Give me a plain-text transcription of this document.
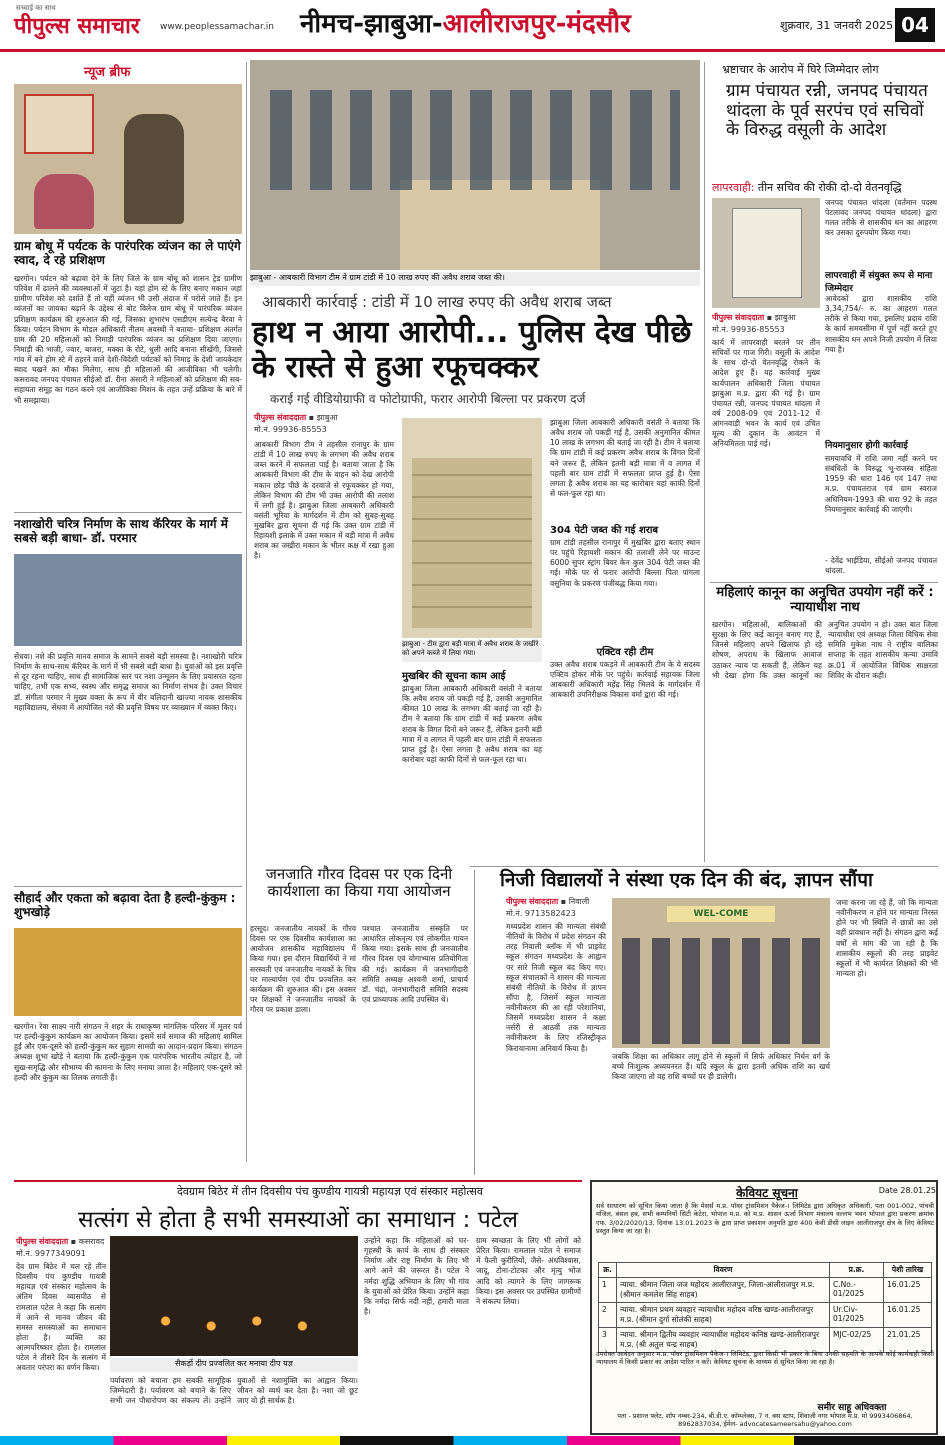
सच्चाई का साथ
पीपुल्स समाचार www.peoplessamachar.in नीमच-झाबुआ-आलीराजपुर-मंदसौर	शुक्रवार, 31 जनवरी 2025 04
न्यूज ब्रीफ
ग्राम बोधू में पर्यटक के पारंपरिक व्यंजन का ले पाएंगे स्वाद, दे रहे प्रशिक्षण
खरगोन। पर्यटन को बढ़ावा देने के लिए जिले के ग्राम बोधू को शासन ट्रेड ग्रामीण परिवेश में ढालने की व्यवस्थाओं में जुटा है। यहां होम स्टे के लिए बनाए मकान जहां ग्रामीण परिवेश को दर्शाते हैं तो यहीं व्यंजन भी उसी अंदाज में परोसे जाते हैं। इन व्यंजनों का जायका बढ़ाने के उद्देश्य से बोट विलेज ग्राम बोधू में पारंपरिक व्यंजन प्रशिक्षण कार्यक्रम की शुरुआत की गई, जिसका शुभारंभ एसडीएम सत्येन्द्र बैरवा ने किया। पर्यटन विभाग के मोडल अधिकारी नीलम अवस्थी ने बताया- प्रशिक्षण अंतर्गत ग्राम की 20 महिलाओं को निमाड़ी पारंपरिक व्यंजन का प्रशिक्षण दिया जाएगा। निमाड़ी की भाजी, ज्वार, बाजरा, मक्का के रोटे, धुली आदि बनाना सीखेंगी, जिससे गांव में बने होम स्टे में ठहरने वाले देशी-विदेशी पर्यटकों को निमाड़ के देशी जायकेदार स्वाद चखने का मौका मिलेगा, साथ ही महिलाओं की आजीविका भी चलेगी। कसरावद जनपद पंचायत सीईओ डॉ. रीना अंसारी ने महिलाओं को प्रशिक्षण की सब-सहायता समूह का गठन करने एवं आजीविका मिशन के तहत उन्हें प्रक्रिया के बारे में भी समझाया।
नशाखोरी चरित्र निर्माण के साथ कॅरियर के मार्ग में सबसे बड़ी बाधा- डॉ. परमार
सेंधवा। नशे की प्रवृत्ति मानव समाज के सामने सबसे बड़ी समस्या है। नशाखोरी चरित्र निर्माण के साथ-साथ कॅरियर के मार्ग में भी सबसे बड़ी बाधा है। युवाओं को इस प्रवृत्ति से दूर रहना चाहिए, साथ ही सामाजिक स्तर पर नशा उन्मूलन के लिए प्रयासरत रहना चाहिए, तभी एक सभ्य, स्वस्थ और समृद्ध समाज का निर्माण संभव है। उक्त विचार डॉ. संगीता परमार ने मुख्य वक्ता के रूप में वीर बलिदानी खाज्या नायक शासकीय महाविद्यालय, सेंधवा में आयोजित नशे की प्रवृत्ति विषय पर व्याख्यान में व्यक्त किए।
सौहार्द और एकता को बढ़ावा देता है हल्दी-कुंकुम : शुभखोड़े
खरगोन। रेवा साक्ष्य नारी संगठन ने शहर के राधाकृष्ण मांगलिक परिसर में मूलर पर्व पर हल्दी-कुंकुम कार्यक्रम का आयोजन किया। इसमें सर्व समाज की महिलाएं शामिल हुईं और एक-दूसरे को हल्दी-कुंकुम कर सुहाग सामग्री का आदान-प्रदान किया। संगठन अध्यक्ष शुभा खोड़े ने बताया कि हल्दी-कुंकुम एक पारंपरिक भारतीय त्योहार है, जो सुख-समृद्धि और सौभाग्य की कामना के लिए मनाया जाता है। महिलाएं एक-दूसरे को हल्दी और कुंकुम का तिलक लगाती हैं।
झाबुआ - आबकारी विभाग टीम ने ग्राम टांडी में 10 लाख रुपए की अवैध शराब जब्त की।
आबकारी कार्रवाई : टांडी में 10 लाख रुपए की अवैध शराब जब्त
हाथ न आया आरोपी... पुलिस देख पीछे के रास्ते से हुआ रफूचक्कर
कराई गई वीडियोग्राफी व फोटोग्राफी, फरार आरोपी बिल्ला पर प्रकरण दर्ज
पीपुल्स संवाददाता ▪ झाबुआ
मो.नं. 99936-85553
आबकारी विभाग टीम ने तहसील रानापुर के ग्राम टांडी में 10 लाख रुपए के लगभग की अवैध शराब जब्त करने में सफलता पाई है। बताया जाता है कि आबकारी विभाग की टीम के वाहन को देख आरोपी मकान छोड़ पीछे के दरवाजे से रफूचक्कर हो गया, लेकिन विभाग की टीम भी उक्त आरोपी की तलाश में लगी हुई है। झाबुआ जिला आबकारी अधिकारी वसंती भूरिया के मार्गदर्शन में टीम को सुबह-सुबह मुखबिर द्वारा सूचना दी गई कि उक्त ग्राम टांडी में रिहायशी इलाके में उक्त मकान में बड़ी मात्रा में अवैध शराब का जखीरा मकान के भीतर कक्ष में रखा हुआ है।
झाबुआ - टीम द्वारा बड़ी मात्रा में अवैध शराब के जखीरे को अपने कब्जे में लिया गया।
मुखबिर की सूचना काम आई
झाबुआ जिला आबकारी अधिकारी वसंती ने बताया कि अवैध शराब जो पकड़ी गई है, उसकी अनुमानित कीमत 10 लाख के लगभग की बताई जा रही है। टीम ने बताया कि ग्राम टांडी में कई प्रकरण अवैध शराब के विगत दिनों बने जरूर हैं, लेकिन इतनी बड़ी मात्रा में व लागत में पहली बार ग्राम टांडी में सफलता प्राप्त हुई है। ऐसा लगता है अवैध शराब का यह कारोबार यहां काफी दिनों से फल-फूल रहा था।
झाबुआ जिला आबकारी अधिकारी वसंती ने बताया कि अवैध शराब जो पकड़ी गई है, उसकी अनुमानित कीमत 10 लाख के लगभग की बताई जा रही है। टीम ने बताया कि ग्राम टांडी में कई प्रकरण अवैध शराब के विगत दिनों बने जरूर हैं, लेकिन इतनी बड़ी मात्रा में व लागत में पहली बार ग्राम टांडी में सफलता प्राप्त हुई है। ऐसा लगता है अवैध शराब का यह कारोबार यहां काफी दिनों से फल-फूल रहा था।
304 पेटी जब्त की गई शराब
ग्राम टांडी तहसील रानापुर में मुखबिर द्वारा बताए स्थान पर पहुंचे रिहायशी मकान की तलाशी लेने पर माउन्ट 6000 सुपर स्ट्रांग बियर केन कुल 304 पेटी जब्त की गई। मौके पर से फरार आरोपी बिल्ला पिता पांगला वसुनिया के प्रकरण पंजीबद्ध किया गया।
एक्टिव रही टीम
उक्त अवैध शराब पकड़ने में आबकारी टीम के ये सदस्य एक्टिव होकर मौके पर पहुंचे। कार्रवाई सहायक जिला आबकारी अधिकारी महेंद्र सिंह भिलवे के मार्गदर्शन में आबकारी उपनिरीक्षक विकास वर्मा द्वारा की गई।
भ्रष्टाचार के आरोप में घिरे जिम्मेदार लोग
ग्राम पंचायत रन्नी, जनपद पंचायत थांदला के पूर्व सरपंच एवं सचिवों के विरुद्ध वसूली के आदेश
लापरवाही: तीन सचिव की रोकी दो-दो वेतनवृद्धि
जनपद पंचायत थांदला (वर्तमान पदस्थ पेटलावद जनपद पंचायत थांदला) द्वारा गलत तरीके से शासकीय धन का आहरण कर उसका दुरुपयोग किया गया।
लापरवाही में संयुक्त रूप से माना जिम्मेदार
आवेदकों द्वारा शासकीय राशि 3,34,754/- रु. का आहरण गलत तरीके से किया गया, इसलिए प्रदाय राशि के कार्य समयसीमा में पूर्ण नहीं करते हुए शासकीय धन अपने निजी उपयोग में लिया गया है।
पीपुल्स संवाददाता ▪ झाबुआ
मो.नं. 99936-85553
कार्य में लापरवाही बरतने पर तीन सचिवों पर गाज गिरी। वसूली के आदेश के साथ दो-दो वेतनवृद्धि रोकने के आदेश हुए हैं। यह कार्रवाई मुख्य कार्यपालन अधिकारी जिला पंचायत झाबुआ म.प्र. द्वारा की गई है। ग्राम पंचायत रन्नी, जनपद पंचायत थांदला में वर्ष 2008-09 एवं 2011-12 में आंगनवाड़ी भवन के कार्य एवं उचित मूल्य की दुकान के आवंटन में अनियमितता पाई गई।	नियमानुसार होगी कार्रवाई
समयावधि में राशि जमा नहीं करने पर संबंधितों के विरुद्ध भू-राजस्व संहिता 1959 की धारा 146 एवं 147 तथा म.प्र. पंचायतराज एवं ग्राम स्वराज अधिनियम-1993 की धारा 92 के तहत नियमानुसार कार्रवाई की जाएगी।
- देवेंद्र भाईडिया, सीईओ जनपद पंचायत थांदला.
महिलाएं कानून का अनुचित उपयोग नहीं करें : न्यायाधीश नाथ
खरगोन। महिलाओं, बालिकाओं की सुरक्षा के लिए कई कानून बनाए गए हैं, जिनसे महिलाएं अपने खिलाफ हो रहे शोषण, अपराध के खिलाफ आवाज उठाकर न्याय पा सकती हैं, लेकिन यह भी देखा होगा कि उक्त कानूनों का अनुचित उपयोग न हो। उक्त बात जिला न्यायाधीश एवं अध्यक्ष जिला विधिक सेवा समिति मुकेश नाथ ने राष्ट्रीय बालिका सप्ताह के तहत शासकीय कन्या उमावि क्र.01 में आयोजित विधिक साक्षरता शिविर के दौरान कही।
निजी विद्यालयों ने संस्था एक दिन की बंद, ज्ञापन सौंपा
पीपुल्स संवाददाता ▪ निवाली
मो.नं. 9713582423	WEL-COME
मध्यप्रदेश शासन की मान्यता संबंधी नीतियों के विरोध में प्रदेश संगठन की तरह निवाली ब्लॉक में भी प्राइवेट स्कूल संगठन मध्यप्रदेश के आह्वान पर सारे निजी स्कूल बंद किए गए। स्कूल संचालकों ने शासन की मान्यता संबंधी नीतियों के विरोध में ज्ञापन सौंपा है, जिसमें स्कूल मान्यता नवीनीकरण की आ रही परेशानियां, जिसमें मध्यप्रदेश शासन ने कक्षा नर्सरी से आठवीं तक मान्यता नवीनीकरण के लिए रजिस्ट्रीकृत किरायानामा अनिवार्य किया है।
जबकि शिक्षा का अधिकार लागू होने से स्कूलों में सिर्फ अधिकार निर्धन वर्ग के बच्चे निःशुल्क अध्ययनरत हैं। यदि स्कूल के द्वारा इतनी अधिक राशि का खर्च किया जाएगा तो वह राशि बच्चों पर ही डालेगी।
जमा करना जा रहे हैं, जो कि मान्यता नवीनीकरण न होने पर मान्यता निरस्त होने पर भी स्थिति में छात्रों का उसे वहीं प्रावधान नहीं है। संगठन द्वारा कई वर्षों से मांग की जा रही है कि शासकीय स्कूलों की तरह प्राइवेट स्कूलों में भी कार्यरत शिक्षकों की भी मान्यता हो।
जनजाति गौरव दिवस पर एक दिनी कार्यशाला का किया गया आयोजन
हरसूद। जनजातीय नायकों के गौरव दिवस पर एक दिवसीय कार्यशाला का आयोजन शासकीय महाविद्यालय में किया गया। इस दौरान विद्यार्थियों ने मां सरस्वती एवं जनजातीय नायकों के चित्र पर माल्यार्पण एवं दीप प्रज्वलित कर कार्यक्रम की शुरुआत की। इस अवसर पर शिक्षकों ने जनजातीय नायकों के गौरव पर प्रकाश डाला।
पश्चात जनजातीय संस्कृति पर आधारित लोकनृत्य एवं लोकगीत गायन किया गया। इसके साथ ही जनजातीय गौरव दिवस एवं योगाभ्यास प्रतियोगिता की गई। कार्यक्रम में जनभागीदारी समिति अध्यक्ष अश्वनी शर्मा, प्राचार्य डॉ. चंद्रा, जनभागीदारी समिति सदस्य एवं प्राध्यापक आदि उपस्थित थे।
देवग्राम बिठेर में तीन दिवसीय पंच कुण्डीय गायत्री महायज्ञ एवं संस्कार महोत्सव
सत्संग से होता है सभी समस्याओं का समाधान : पटेल
पीपुल्स संवाददाता ▪ कसरावद
मो.नं. 9977349091
देव ग्राम बिठेर में चल रहे तीन दिवसीय पंच कुण्डीय गायत्री महायज्ञ एवं संस्कार महोत्सव के अंतिम दिवस व्यासपीठ से रामलाल पटेल ने कहा कि सत्संग में आने से मानव जीवन की समस्त समस्याओं का समाधान होता है। व्यक्ति का आत्मपरिष्कार होता है। रामलाल पटेल ने तीसरे दिन के सत्संग में अवतार परंपरा का वर्णन किया।	सैकड़ों दीप प्रज्वलित कर मनाया दीप यज्ञ
पर्यावरण को बचाना हम सबकी सामूहिक जिम्मेदारी है। पर्यावरण को बचाने के लिए सभी जन पौधारोपण का संकल्प लें। उन्होंने युवाओं से नशामुक्ति का आह्वान किया। जीवन को व्यर्थ कर देता है। नशा जो छूट जाए वो ही सार्थक है।
उन्होंने कहा कि महिलाओं को घर-गृहस्थी के कार्य के साथ ही संस्कार निर्माण और राष्ट्र निर्माण के लिए भी आगे आने की जरूरत है। पटेल ने नर्मदा शुद्धि अभियान के लिए भी गांव के युवाओं को प्रेरित किया। उन्होंने कहा कि नर्मदा सिर्फ नदी नहीं, हमारी माता है।
ग्राम स्वच्छता के लिए भी लोगों को प्रेरित किया। रामलाल पटेल ने समाज में फैली कुरीतियों, जैसे- अंधविश्वास, जादू, टोना-टोटका और मृत्यु भोज आदि को त्यागने के लिए जागरूक किया। इस अवसर पर उपस्थित ग्रामीणों ने संकल्प लिया।
केवियट सूचना	Date 28.01.25
सर्व साधारण को सूचित किया जाता है कि मेसर्स म.प्र. पॉवर ट्रांसमिशन पैकेज-। लिमिटेड द्वारा अधिकृत अधिकारी, पता 001-002, पांचवी मंजिल, बंसल हब, सभी कम्पनियों सिटी केटेरा, भोपाल म.प्र. को म.प्र. शासन ऊर्जा विभाग मंत्रालय वल्लभ भवन भोपाल द्वारा प्रकरण क्रमांक एफ. 3/02/2020/13, दिनांक 13.01.2023 के द्वारा प्राप्त प्रकाशन अनुमति द्वारा 400 केवी डीसी लाइन आलीराजपुर क्षेत्र के लिए केवियट प्रस्तुत किया जा रहा है।
क्र.	विवरण	प्र.क्र.	पेशी तारिख
1	न्याया. श्रीमान जिला जज महोदय आलीराजपुर, जिला-आलीराजपुर म.प्र. (श्रीमान कमलेश सिंह साहब)	C.No.- 01/2025	16.01.25
2	न्याया. श्रीमान प्रथम व्यवहार न्यायाधीश महोदय वरिष्ठ खण्ड-आलीराजपुर म.प्र. (श्रीमान दुर्गा सोलंकी साहब)	Ur.Civ- 01/2025	16.01.25
3	न्याया. श्रीमान द्वितीय व्यवहार न्यायाधीश महोदय कनिष्ठ खण्ड-आलीराजपुर म.प्र. (श्री अतुल चन्द्र साहब)	MJC-02/25	21.01.25
उपरोक्त आवेदन अनुसार म.प्र. पॉवर ट्रांसमिशन पैकेज-। लिमिटेड, द्वारा किसी भी प्रकार के बिना उनकी सहमति के आपके कोई कार्यवाही किसी न्यायालय में किसी प्रकार का आदेश पारित न करें। केवियट सूचना के माध्यम से सूचित किया जा रहा है।
समीर साहू अधिवक्ता
पता - प्रशान्त फ्लेट, शॉप नम्बर-234, बी.डी.ए. कॉम्प्लेक्स, 7 न. बस स्टाप, शिवाजी नगर भोपाल म.प्र. मो 9993406864, 8962837034, ईमेल- advocatesameersahu@yahoo.com
